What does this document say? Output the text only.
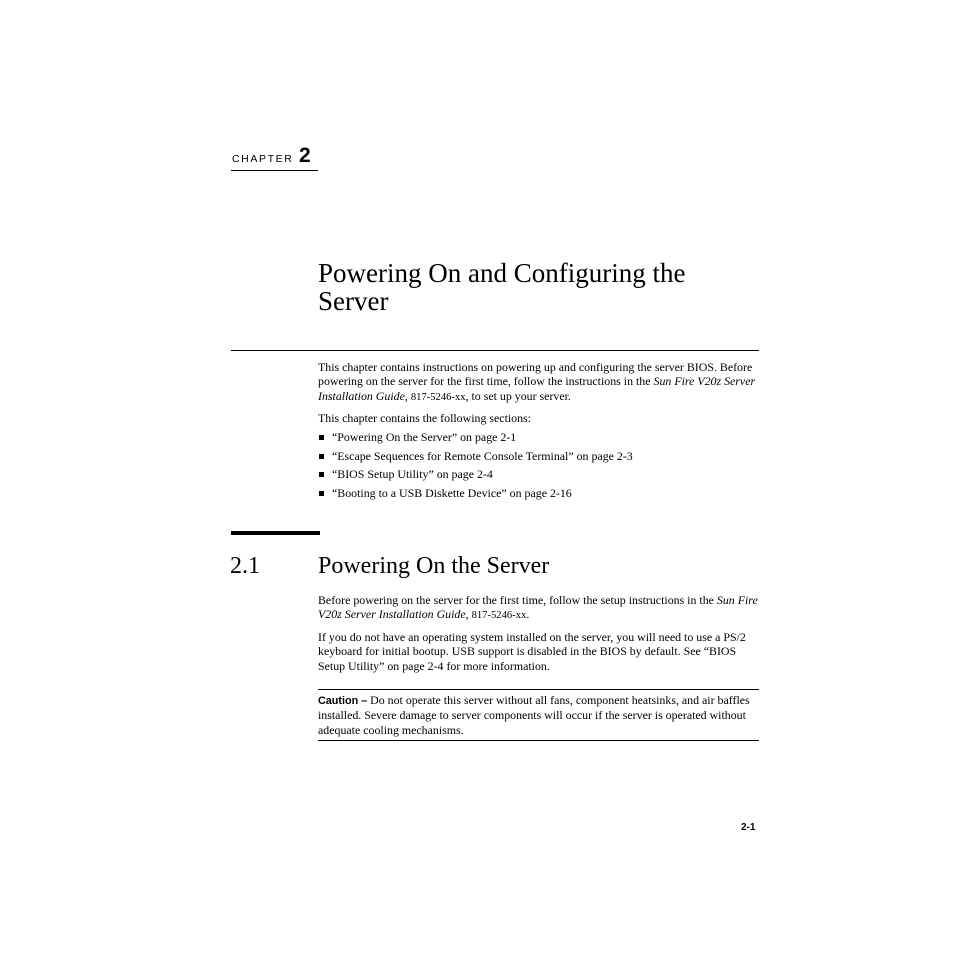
CHAPTER 2
Powering On and Configuring the
Server
This chapter contains instructions on powering up and configuring the server BIOS. Before powering on the server for the first time, follow the instructions in the Sun Fire V20z Server Installation Guide, 817-5246-xx, to set up your server.
This chapter contains the following sections:
“Powering On the Server” on page 2-1
“Escape Sequences for Remote Console Terminal” on page 2-3
“BIOS Setup Utility” on page 2-4
“Booting to a USB Diskette Device” on page 2-16
2.1 Powering On the Server
Before powering on the server for the first time, follow the setup instructions in the Sun Fire V20z Server Installation Guide, 817-5246-xx.
If you do not have an operating system installed on the server, you will need to use a PS/2 keyboard for initial bootup. USB support is disabled in the BIOS by default. See “BIOS Setup Utility” on page 2-4 for more information.
Caution – Do not operate this server without all fans, component heatsinks, and air baffles installed. Severe damage to server components will occur if the server is operated without adequate cooling mechanisms.
2-1
